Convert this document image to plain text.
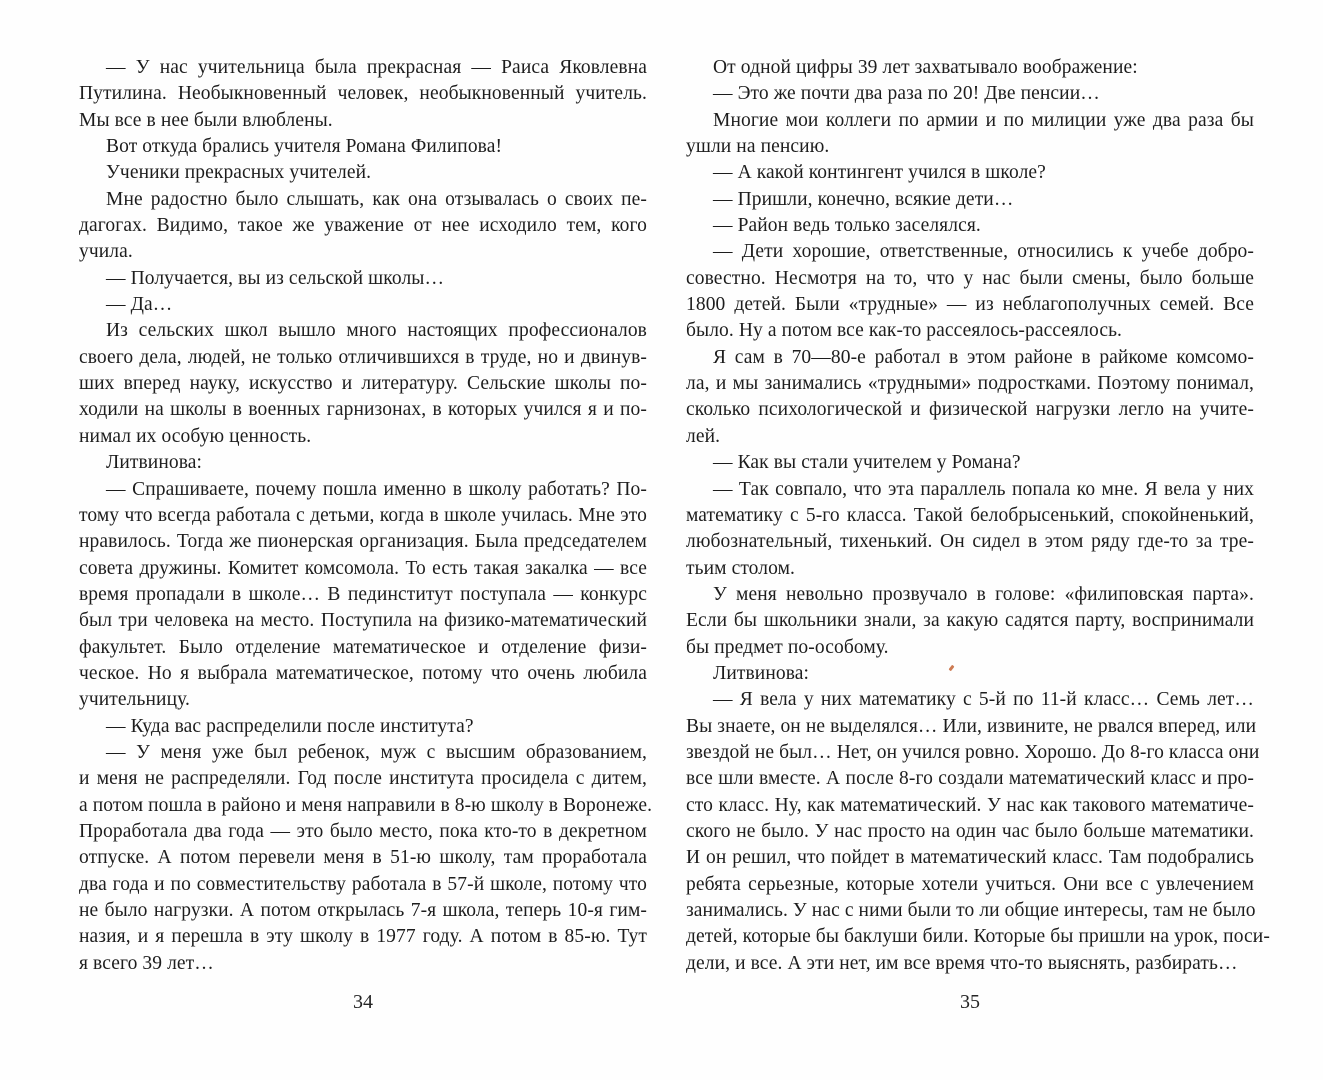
— У нас учительница была прекрасная — Раиса Яковлевна
Путилина. Необыкновенный человек, необыкновенный учитель.
Мы все в нее были влюблены.
Вот откуда брались учителя Романа Филипова!
Ученики прекрасных учителей.
Мне радостно было слышать, как она отзывалась о своих пе-
дагогах. Видимо, такое же уважение от нее исходило тем, кого
учила.
— Получается, вы из сельской школы…
— Да…
Из сельских школ вышло много настоящих профессионалов
своего дела, людей, не только отличившихся в труде, но и двинув-
ших вперед науку, искусство и литературу. Сельские школы по-
ходили на школы в военных гарнизонах, в которых учился я и по-
нимал их особую ценность.
Литвинова:
— Спрашиваете, почему пошла именно в школу работать? По-
тому что всегда работала с детьми, когда в школе училась. Мне это
нравилось. Тогда же пионерская организация. Была председателем
совета дружины. Комитет комсомола. То есть такая закалка — все
время пропадали в школе… В пединститут поступала — конкурс
был три человека на место. Поступила на физико-математический
факультет. Было отделение математическое и отделение физи-
ческое. Но я выбрала математическое, потому что очень любила
учительницу.
— Куда вас распределили после института?
— У меня уже был ребенок, муж с высшим образованием,
и меня не распределяли. Год после института просидела с дитем,
а потом пошла в районо и меня направили в 8-ю школу в Воронеже.
Проработала два года — это было место, пока кто-то в декретном
отпуске. А потом перевели меня в 51-ю школу, там проработала
два года и по совместительству работала в 57-й школе, потому что
не было нагрузки. А потом открылась 7-я школа, теперь 10-я гим-
назия, и я перешла в эту школу в 1977 году. А потом в 85-ю. Тут
я всего 39 лет…
От одной цифры 39 лет захватывало воображение:
— Это же почти два раза по 20! Две пенсии…
Многие мои коллеги по армии и по милиции уже два раза бы
ушли на пенсию.
— А какой контингент учился в школе?
— Пришли, конечно, всякие дети…
— Район ведь только заселялся.
— Дети хорошие, ответственные, относились к учебе добро-
совестно. Несмотря на то, что у нас были смены, было больше
1800 детей. Были «трудные» — из неблагополучных семей. Все
было. Ну а потом все как-то рассеялось-рассеялось.
Я сам в 70—80-е работал в этом районе в райкоме комсомо-
ла, и мы занимались «трудными» подростками. Поэтому понимал,
сколько психологической и физической нагрузки легло на учите-
лей.
— Как вы стали учителем у Романа?
— Так совпало, что эта параллель попала ко мне. Я вела у них
математику с 5-го класса. Такой белобрысенький, спокойненький,
любознательный, тихенький. Он сидел в этом ряду где-то за тре-
тьим столом.
У меня невольно прозвучало в голове: «филиповская парта».
Если бы школьники знали, за какую садятся парту, воспринимали
бы предмет по-особому.
Литвинова:
— Я вела у них математику с 5-й по 11-й класс… Семь лет…
Вы знаете, он не выделялся… Или, извините, не рвался вперед, или
звездой не был… Нет, он учился ровно. Хорошо. До 8-го класса они
все шли вместе. А после 8-го создали математический класс и про-
сто класс. Ну, как математический. У нас как такового математиче-
ского не было. У нас просто на один час было больше математики.
И он решил, что пойдет в математический класс. Там подобрались
ребята серьезные, которые хотели учиться. Они все с увлечением
занимались. У нас с ними были то ли общие интересы, там не было
детей, которые бы баклуши били. Которые бы пришли на урок, поси-
дели, и все. А эти нет, им все время что-то выяснять, разбирать…
34	35
